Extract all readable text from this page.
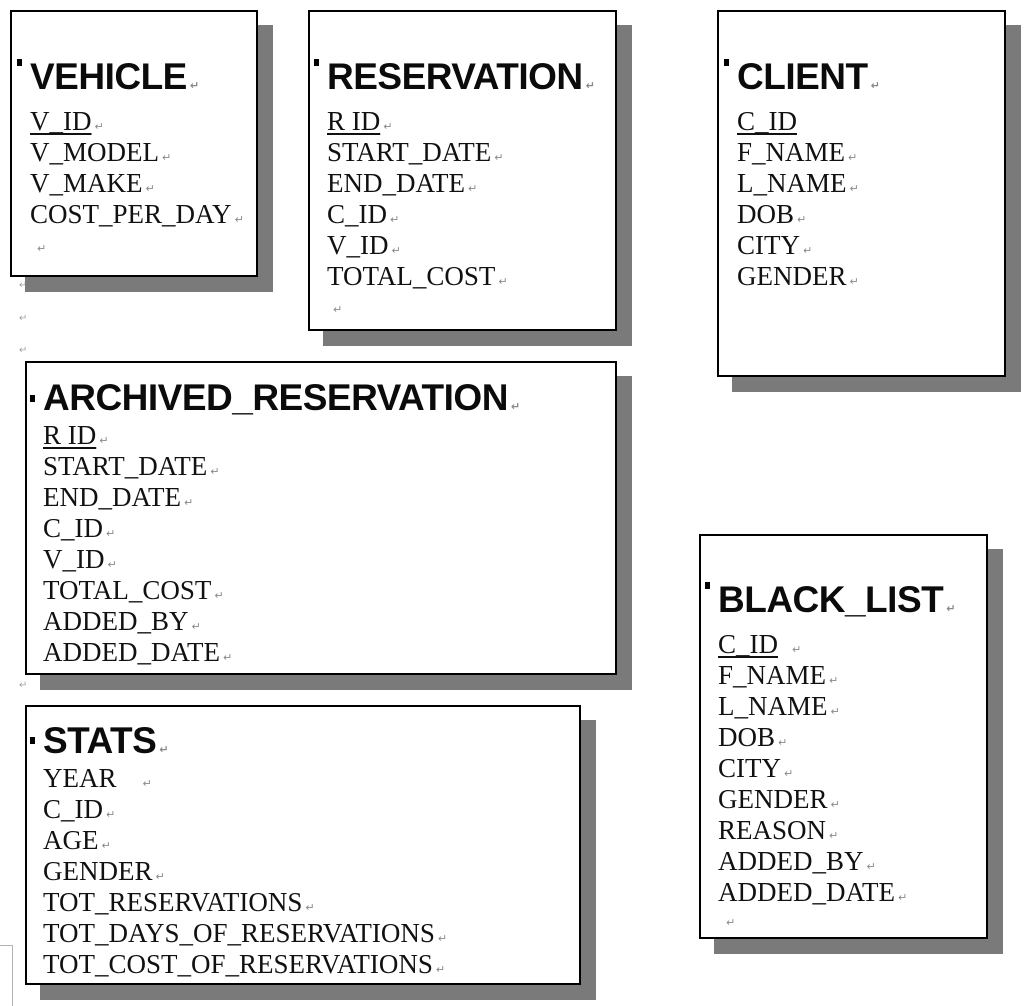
↵
↵
↵
↵
VEHICLE ↵
V_ID ↵
V_MODEL ↵
V_MAKE ↵
COST_PER_DAY ↵
↵
RESERVATION ↵
R ID ↵
START_DATE ↵
END_DATE ↵
C_ID ↵
V_ID ↵
TOTAL_COST ↵
↵
CLIENT ↵
C_ID
F_NAME ↵
L_NAME ↵
DOB ↵
CITY ↵
GENDER ↵
ARCHIVED_RESERVATION ↵
R ID ↵
START_DATE ↵
END_DATE ↵
C_ID ↵
V_ID ↵
TOTAL_COST ↵
ADDED_BY ↵
ADDED_DATE ↵
BLACK_LIST ↵
C_ID ↵
F_NAME ↵
L_NAME ↵
DOB ↵
CITY ↵
GENDER ↵
REASON ↵
ADDED_BY ↵
ADDED_DATE ↵
↵
STATS ↵
YEAR ↵
C_ID ↵
AGE ↵
GENDER ↵
TOT_RESERVATIONS ↵
TOT_DAYS_OF_RESERVATIONS ↵
TOT_COST_OF_RESERVATIONS ↵
